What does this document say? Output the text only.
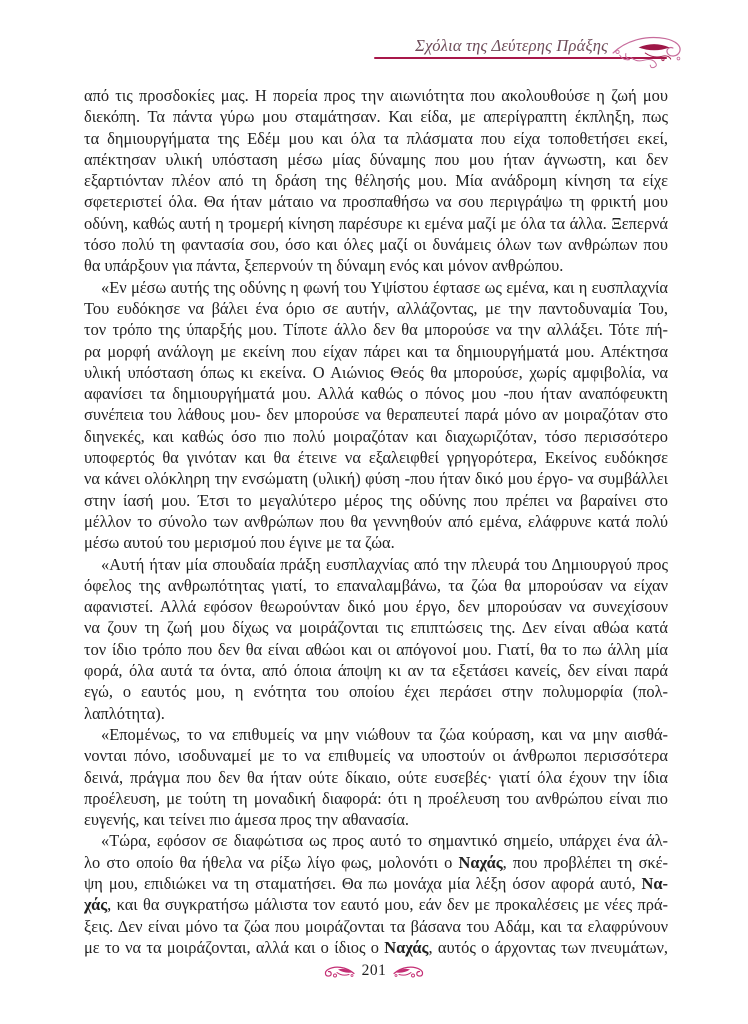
Σχόλια της Δεύτερης Πράξης
από τις προσδοκίες μας. Η πορεία προς την αιωνιότητα που ακολουθούσε η ζωή μου
διεκόπη. Τα πάντα γύρω μου σταμάτησαν. Και είδα, με απερίγραπτη έκπληξη, πως
τα δημιουργήματα της Εδέμ μου και όλα τα πλάσματα που είχα τοποθετήσει εκεί,
απέκτησαν υλική υπόσταση μέσω μίας δύναμης που μου ήταν άγνωστη, και δεν
εξαρτιόνταν πλέον από τη δράση της θέλησής μου. Μία ανάδρομη κίνηση τα είχε
σφετεριστεί όλα. Θα ήταν μάταιο να προσπαθήσω να σου περιγράψω τη φρικτή μου
οδύνη, καθώς αυτή η τρομερή κίνηση παρέσυρε κι εμένα μαζί με όλα τα άλλα. Ξεπερνά
τόσο πολύ τη φαντασία σου, όσο και όλες μαζί οι δυνάμεις όλων των ανθρώπων που
θα υπάρξουν για πάντα, ξεπερνούν τη δύναμη ενός και μόνον ανθρώπου.
«Εν μέσω αυτής της οδύνης η φωνή του Υψίστου έφτασε ως εμένα, και η ευσπλαχνία
Του ευδόκησε να βάλει ένα όριο σε αυτήν, αλλάζοντας, με την παντοδυναμία Του,
τον τρόπο της ύπαρξής μου. Τίποτε άλλο δεν θα μπορούσε να την αλλάξει. Τότε πή-
ρα μορφή ανάλογη με εκείνη που είχαν πάρει και τα δημιουργήματά μου. Απέκτησα
υλική υπόσταση όπως κι εκείνα. Ο Αιώνιος Θεός θα μπορούσε, χωρίς αμφιβολία, να
αφανίσει τα δημιουργήματά μου. Αλλά καθώς ο πόνος μου -που ήταν αναπόφευκτη
συνέπεια του λάθους μου- δεν μπορούσε να θεραπευτεί παρά μόνο αν μοιραζόταν στο
διηνεκές, και καθώς όσο πιο πολύ μοιραζόταν και διαχωριζόταν, τόσο περισσότερο
υποφερτός θα γινόταν και θα έτεινε να εξαλειφθεί γρηγορότερα, Εκείνος ευδόκησε
να κάνει ολόκληρη την ενσώματη (υλική) φύση -που ήταν δικό μου έργο- να συμβάλλει
στην ίασή μου. Έτσι το μεγαλύτερο μέρος της οδύνης που πρέπει να βαραίνει στο
μέλλον το σύνολο των ανθρώπων που θα γεννηθούν από εμένα, ελάφρυνε κατά πολύ
μέσω αυτού του μερισμού που έγινε με τα ζώα.
«Αυτή ήταν μία σπουδαία πράξη ευσπλαχνίας από την πλευρά του Δημιουργού προς
όφελος της ανθρωπότητας γιατί, το επαναλαμβάνω, τα ζώα θα μπορούσαν να είχαν
αφανιστεί. Αλλά εφόσον θεωρούνταν δικό μου έργο, δεν μπορούσαν να συνεχίσουν
να ζουν τη ζωή μου δίχως να μοιράζονται τις επιπτώσεις της. Δεν είναι αθώα κατά
τον ίδιο τρόπο που δεν θα είναι αθώοι και οι απόγονοί μου. Γιατί, θα το πω άλλη μία
φορά, όλα αυτά τα όντα, από όποια άποψη κι αν τα εξετάσει κανείς, δεν είναι παρά
εγώ, ο εαυτός μου, η ενότητα του οποίου έχει περάσει στην πολυμορφία (πολ-
λαπλότητα).
«Επομένως, το να επιθυμείς να μην νιώθουν τα ζώα κούραση, και να μην αισθά-
νονται πόνο, ισοδυναμεί με το να επιθυμείς να υποστούν οι άνθρωποι περισσότερα
δεινά, πράγμα που δεν θα ήταν ούτε δίκαιο, ούτε ευσεβές· γιατί όλα έχουν την ίδια
προέλευση, με τούτη τη μοναδική διαφορά: ότι η προέλευση του ανθρώπου είναι πιο
ευγενής, και τείνει πιο άμεσα προς την αθανασία.
«Τώρα, εφόσον σε διαφώτισα ως προς αυτό το σημαντικό σημείο, υπάρχει ένα άλ-
λο στο οποίο θα ήθελα να ρίξω λίγο φως, μολονότι ο Ναχάς, που προβλέπει τη σκέ-
ψη μου, επιδιώκει να τη σταματήσει. Θα πω μονάχα μία λέξη όσον αφορά αυτό, Να-
χάς, και θα συγκρατήσω μάλιστα τον εαυτό μου, εάν δεν με προκαλέσεις με νέες πρά-
ξεις. Δεν είναι μόνο τα ζώα που μοιράζονται τα βάσανα του Αδάμ, και τα ελαφρύνουν
με το να τα μοιράζονται, αλλά και ο ίδιος ο Ναχάς, αυτός ο άρχοντας των πνευμάτων,
201
